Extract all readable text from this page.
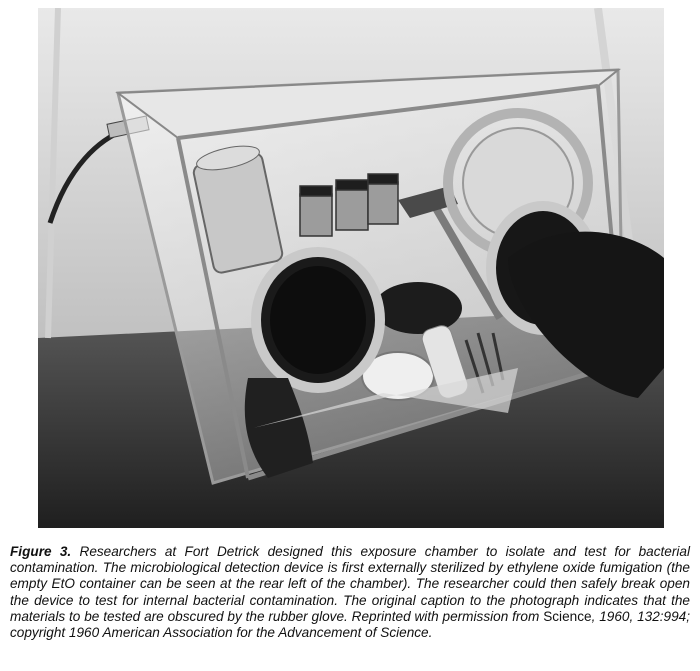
Figure 3. Researchers at Fort Detrick designed this exposure chamber to isolate and test for bacterial contamination. The microbiological detection device is first externally sterilized by ethylene oxide fumigation (the empty EtO container can be seen at the rear left of the chamber). The researcher could then safely break open the device to test for internal bacterial contamination. The original caption to the photograph indicates that the materials to be tested are obscured by the rubber glove. Reprinted with permission from Science, 1960, 132:994; copyright 1960 American Association for the Advancement of Science.
